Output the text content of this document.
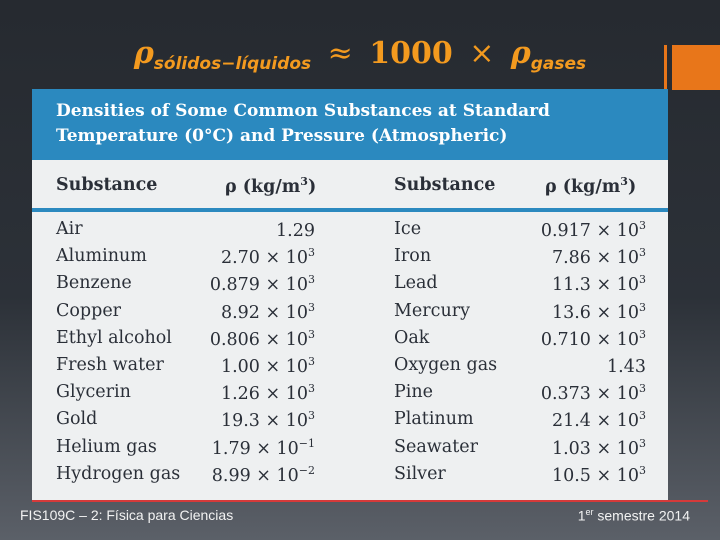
$\rho_{sólidos-líquidos} \approx 1000 \times \rho_{gases}$
Densities of Some Common Substances at Standard
Temperature (0°C) and Pressure (Atmospheric)
Substance	ρ $(kg/m^3)$	Substance	ρ $(kg/m^3)$
Air	1.29	Ice	$0.917 \times 10^3$
Aluminum	$2.70 \times 10^3$	Iron	$7.86 \times 10^3$
Benzene	$0.879 \times 10^3$	Lead	$11.3 \times 10^3$
Copper	$8.92 \times 10^3$	Mercury	$13.6 \times 10^3$
Ethyl alcohol $0.806 \times 10^3$	Oak	$0.710 \times 10^3$
Fresh water	$1.00 \times 10^3$	Oxygen gas	1.43
Glycerin	$1.26 \times 10^3$	Pine	$0.373 \times 10^3$
Gold	$19.3 \times 10^3$	Platinum	$21.4 \times 10^3$
Helium gas	$1.79 \times 10^{-1}$	Seawater	$1.03 \times 10^3$
Hydrogen gas $8.99 \times 10^{-2}$	Silver	$10.5 \times 10^3$
FIS109C – 2: Física para Ciencias	1er semestre 2014
